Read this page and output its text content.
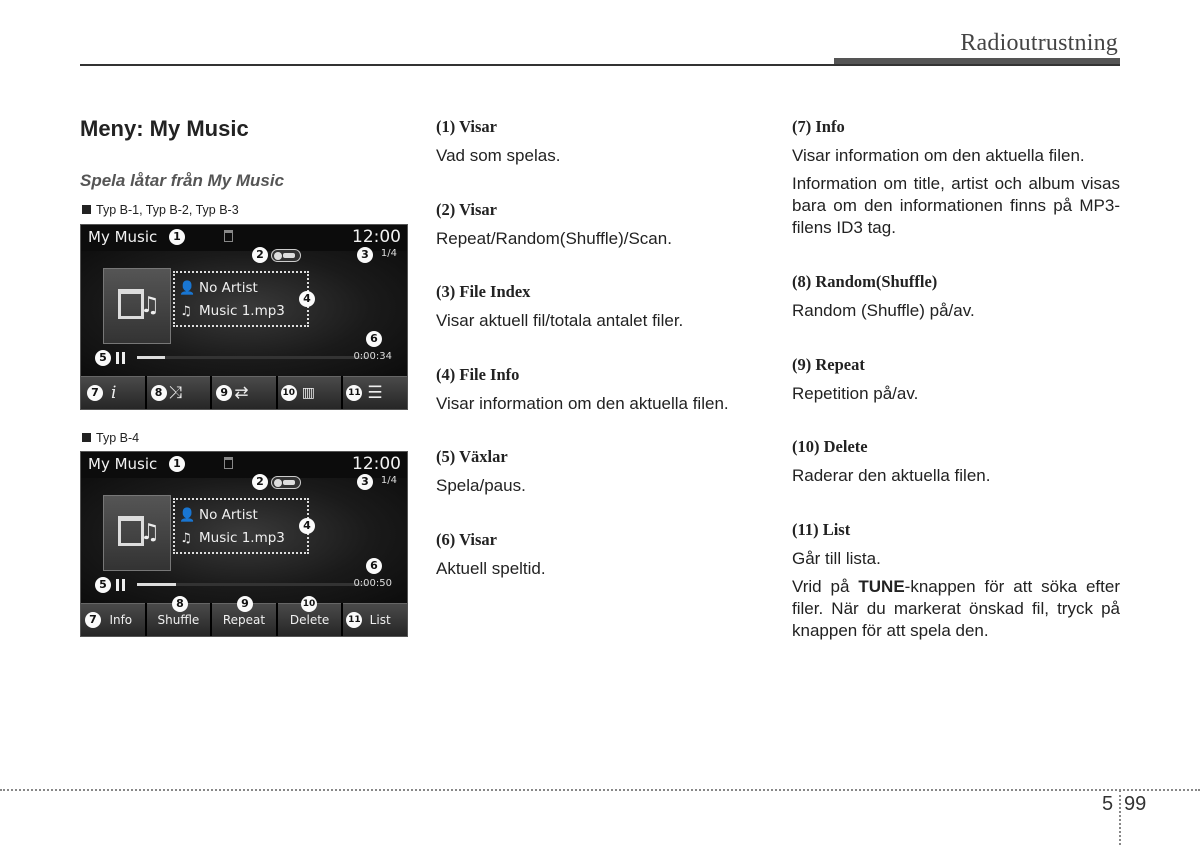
Radioutrustning
Meny: My Music
Spela låtar från My Music
Typ B-1, Typ B-2, Typ B-3
My Music	1	12:00
2	3	1/4
♫
👤 No Artist
♫ Music 1.mp3
4
5
6
0:00:34
7 i	8 ⤨	9 ⇄	10 ▥	11 ☰
Typ B-4
My Music	1	12:00
2	3	1/4
♫
👤 No Artist
♫ Music 1.mp3
4
5
6
0:00:50
7	Info	Shuffle	Repeat	Delete	11 List
8	9	10
(1) Visar

Vad som spelas.

(2) Visar

Repeat/Random(Shuffle)/Scan.

(3) File Index

Visar aktuell fil/totala antalet filer.

(4) File Info

Visar information om den aktuella filen.

(5) Växlar

Spela/paus.

(6) Visar

Aktuell speltid.

(7) Info

Visar information om den aktuella filen.

Information om title, artist och album visas bara om den informationen finns på MP3-filens ID3 tag.

(8) Random(Shuffle)

Random (Shuffle) på/av.

(9) Repeat

Repetition på/av.

(10) Delete

Raderar den aktuella filen.

(11) List

Går till lista.

Vrid på TUNE-knappen för att söka efter filer. När du markerat önskad fil, tryck på knappen för att spela den.

5 99
